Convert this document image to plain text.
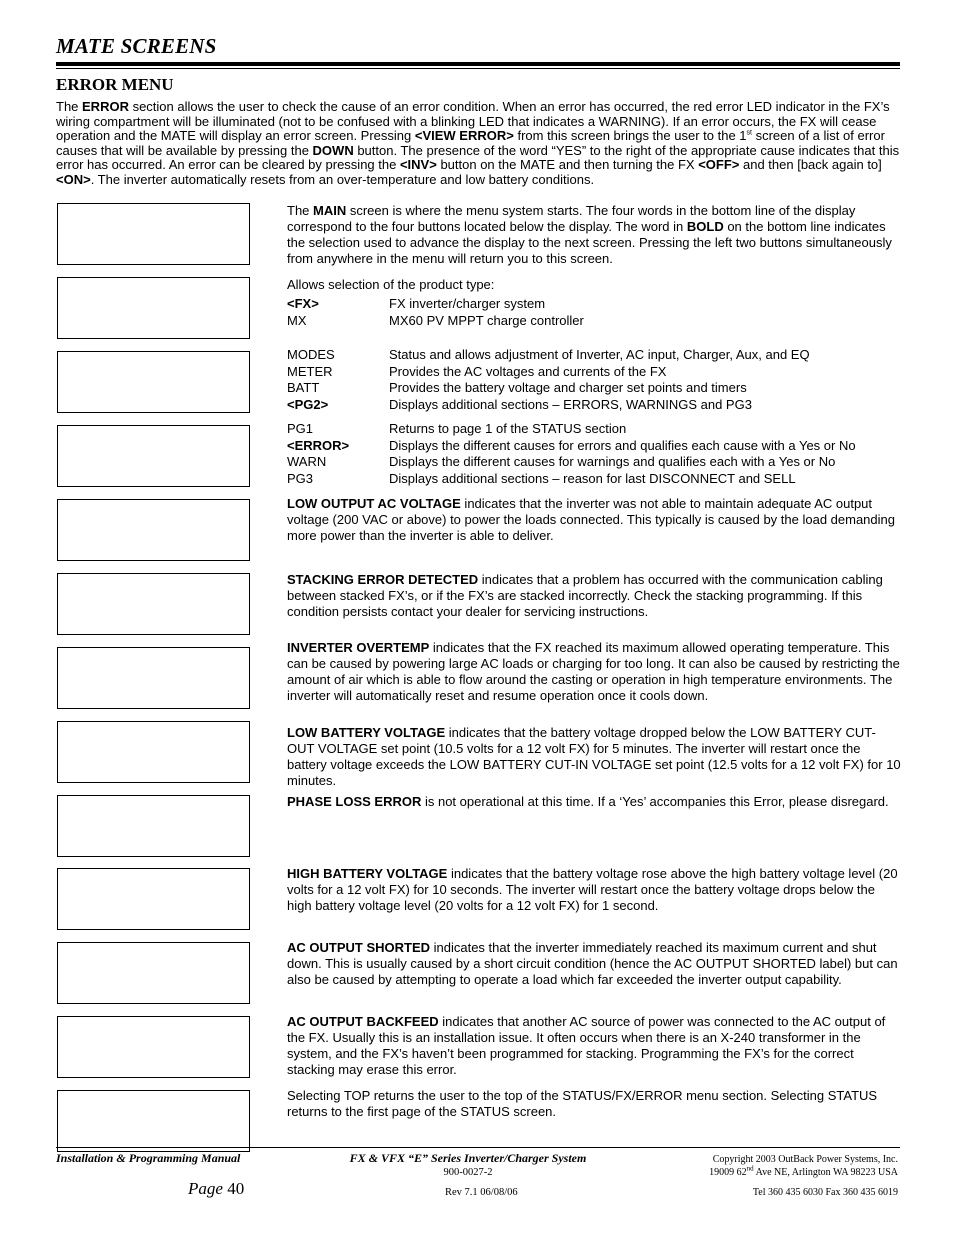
MATE SCREENS
ERROR MENU
The ERROR section allows the user to check the cause of an error condition. When an error has occurred, the red error LED indicator in the FX’s wiring compartment will be illuminated (not to be confused with a blinking LED that indicates a WARNING). If an error occurs, the FX will cease operation and the MATE will display an error screen. Pressing <VIEW ERROR> from this screen brings the user to the 1st screen of a list of error causes that will be available by pressing the DOWN button. The presence of the word “YES” to the right of the appropriate cause indicates that this error has occurred. An error can be cleared by pressing the <INV> button on the MATE and then turning the FX <OFF> and then [back again to] <ON>. The inverter automatically resets from an over-temperature and low battery conditions.
The MAIN screen is where the menu system starts. The four words in the bottom line of the display correspond to the four buttons located below the display. The word in BOLD on the bottom line indicates the selection used to advance the display to the next screen. Pressing the left two buttons simultaneously from anywhere in the menu will return you to this screen.
Allows selection of the product type:
<FX>	FX inverter/charger system
MX	MX60 PV MPPT charge controller
MODES	Status and allows adjustment of Inverter, AC input, Charger, Aux, and EQ
METER	Provides the AC voltages and currents of the FX
BATT	Provides the battery voltage and charger set points and timers
<PG2>	Displays additional sections – ERRORS, WARNINGS and PG3
PG1	Returns to page 1 of the STATUS section
<ERROR>	Displays the different causes for errors and qualifies each cause with a Yes or No
WARN	Displays the different causes for warnings and qualifies each with a Yes or No
PG3	Displays additional sections – reason for last DISCONNECT and SELL
LOW OUTPUT AC VOLTAGE indicates that the inverter was not able to maintain adequate AC output voltage (200 VAC or above) to power the loads connected. This typically is caused by the load demanding more power than the inverter is able to deliver.
STACKING ERROR DETECTED indicates that a problem has occurred with the communication cabling between stacked FX’s, or if the FX’s are stacked incorrectly. Check the stacking programming. If this condition persists contact your dealer for servicing instructions.
INVERTER OVERTEMP indicates that the FX reached its maximum allowed operating temperature. This can be caused by powering large AC loads or charging for too long. It can also be caused by restricting the amount of air which is able to flow around the casting or operation in high temperature environments. The inverter will automatically reset and resume operation once it cools down.
LOW BATTERY VOLTAGE indicates that the battery voltage dropped below the LOW BATTERY CUT-OUT VOLTAGE set point (10.5 volts for a 12 volt FX) for 5 minutes. The inverter will restart once the battery voltage exceeds the LOW BATTERY CUT-IN VOLTAGE set point (12.5 volts for a 12 volt FX) for 10 minutes.
PHASE LOSS ERROR is not operational at this time. If a ‘Yes’ accompanies this Error, please disregard.
HIGH BATTERY VOLTAGE indicates that the battery voltage rose above the high battery voltage level (20 volts for a 12 volt FX) for 10 seconds. The inverter will restart once the battery voltage drops below the high battery voltage level (20 volts for a 12 volt FX) for 1 second.
AC OUTPUT SHORTED indicates that the inverter immediately reached its maximum current and shut down. This is usually caused by a short circuit condition (hence the AC OUTPUT SHORTED label) but can also be caused by attempting to operate a load which far exceeded the inverter output capability.
AC OUTPUT BACKFEED indicates that another AC source of power was connected to the AC output of the FX. Usually this is an installation issue. It often occurs when there is an X-240 transformer in the system, and the FX’s haven’t been programmed for stacking. Programming the FX’s for the correct stacking may erase this error.
Selecting TOP returns the user to the top of the STATUS/FX/ERROR menu section. Selecting STATUS returns to the first page of the STATUS screen.
Installation & Programming Manual
Page 40
FX & VFX “E” Series Inverter/Charger System
900-0027-2
Rev 7.1 06/08/06
Copyright 2003 OutBack Power Systems, Inc.
19009 62nd Ave NE, Arlington WA 98223 USA
Tel 360 435 6030 Fax 360 435 6019
